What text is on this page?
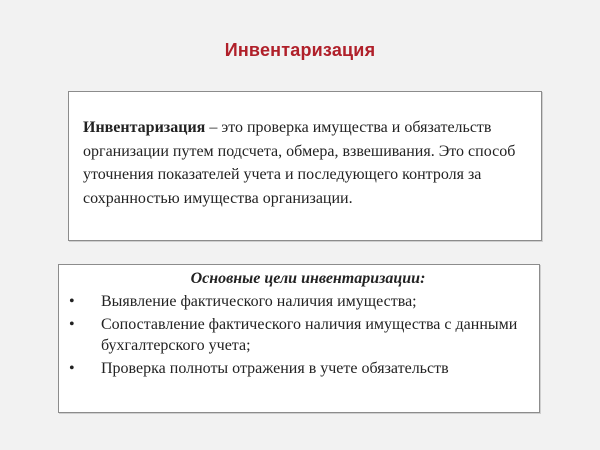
Инвентаризация

Инвентаризация – это проверка имущества и обязательств организации путем подсчета, обмера, взвешивания. Это способ уточнения показателей учета и последующего контроля за сохранностью имущества организации.

Основные цели инвентаризации:

• Выявление фактического наличия имущества;
• Сопоставление фактического наличия имущества с данными бухгалтерского учета;
• Проверка полноты отражения в учете обязательств
